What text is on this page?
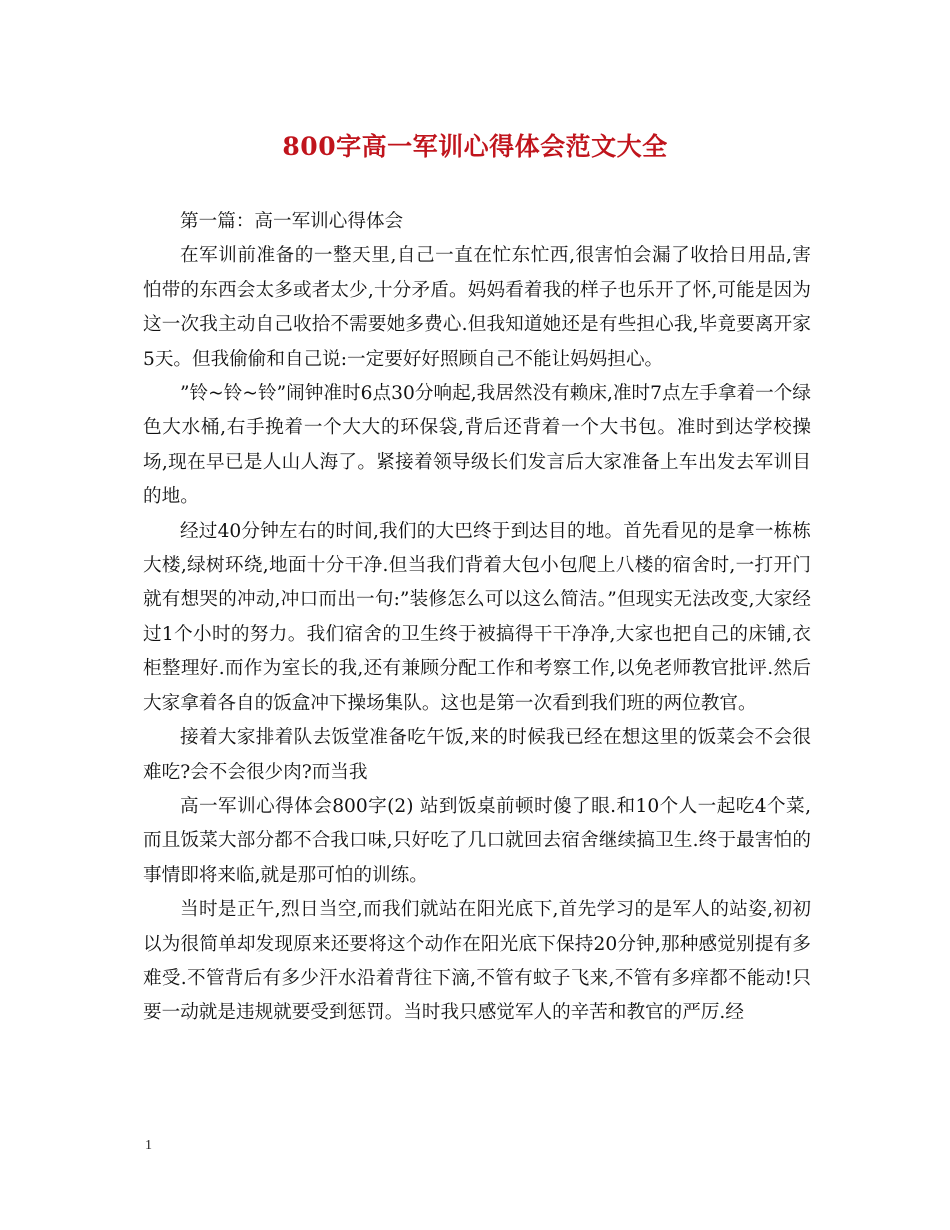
800字高一军训心得体会范文大全

第一篇：高一军训心得体会

在军训前准备的一整天里,自己一直在忙东忙西,很害怕会漏了收拾日用品,害怕带的东西会太多或者太少,十分矛盾。妈妈看着我的样子也乐开了怀,可能是因为这一次我主动自己收拾不需要她多费心.但我知道她还是有些担心我,毕竟要离开家5天。但我偷偷和自己说:一定要好好照顾自己不能让妈妈担心。

”铃~铃~铃”闹钟准时6点30分响起,我居然没有赖床,准时7点左手拿着一个绿色大水桶,右手挽着一个大大的环保袋,背后还背着一个大书包。准时到达学校操场,现在早已是人山人海了。紧接着领导级长们发言后大家准备上车出发去军训目的地。

经过40分钟左右的时间,我们的大巴终于到达目的地。首先看见的是拿一栋栋大楼,绿树环绕,地面十分干净.但当我们背着大包小包爬上八楼的宿舍时,一打开门就有想哭的冲动,冲口而出一句:”装修怎么可以这么简洁。”但现实无法改变,大家经过1个小时的努力。我们宿舍的卫生终于被搞得干干净净,大家也把自己的床铺,衣柜整理好.而作为室长的我,还有兼顾分配工作和考察工作,以免老师教官批评.然后大家拿着各自的饭盒冲下操场集队。这也是第一次看到我们班的两位教官。

接着大家排着队去饭堂准备吃午饭,来的时候我已经在想这里的饭菜会不会很难吃?会不会很少肉?而当我

高一军训心得体会800字(2) 站到饭桌前顿时傻了眼.和10个人一起吃4个菜,而且饭菜大部分都不合我口味,只好吃了几口就回去宿舍继续搞卫生.终于最害怕的事情即将来临,就是那可怕的训练。

当时是正午,烈日当空,而我们就站在阳光底下,首先学习的是军人的站姿,初初以为很简单却发现原来还要将这个动作在阳光底下保持20分钟,那种感觉别提有多难受.不管背后有多少汗水沿着背往下滴,不管有蚊子飞来,不管有多痒都不能动!只要一动就是违规就要受到惩罚。当时我只感觉军人的辛苦和教官的严厉.经

1
